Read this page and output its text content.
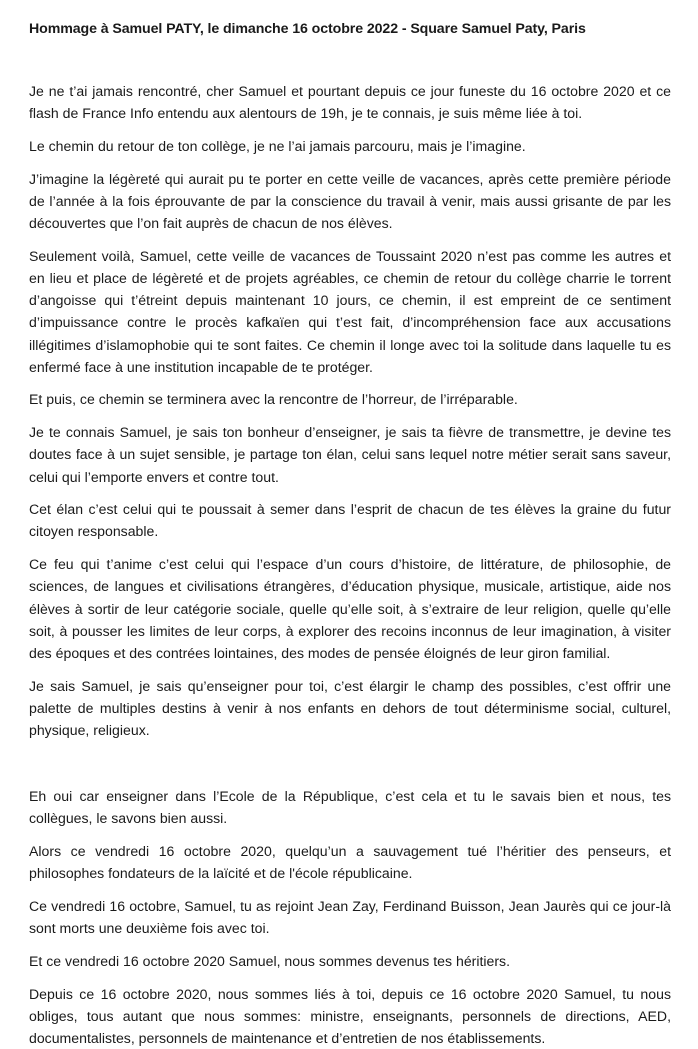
Hommage à Samuel PATY, le dimanche 16 octobre 2022 - Square Samuel Paty, Paris

Je ne t’ai jamais rencontré, cher Samuel et pourtant depuis ce jour funeste du 16 octobre 2020 et ce flash de France Info entendu aux alentours de 19h, je te connais, je suis même liée à toi.

Le chemin du retour de ton collège, je ne l’ai jamais parcouru, mais je l’imagine.

J’imagine la légèreté qui aurait pu te porter en cette veille de vacances, après cette première période de l’année à la fois éprouvante de par la conscience du travail à venir, mais aussi grisante de par les découvertes que l’on fait auprès de chacun de nos élèves.

Seulement voilà, Samuel, cette veille de vacances de Toussaint 2020 n’est pas comme les autres et en lieu et place de légèreté et de projets agréables, ce chemin de retour du collège charrie le torrent d’angoisse qui t’étreint depuis maintenant 10 jours, ce chemin, il est empreint de ce sentiment d’impuissance contre le procès kafkaïen qui t’est fait, d’incompréhension face aux accusations illégitimes d’islamophobie qui te sont faites. Ce chemin il longe avec toi la solitude dans laquelle tu es enfermé face à une institution incapable de te protéger.

Et puis, ce chemin se terminera avec la rencontre de l’horreur, de l’irréparable.

Je te connais Samuel, je sais ton bonheur d’enseigner, je sais ta fièvre de transmettre, je devine tes doutes face à un sujet sensible, je partage ton élan, celui sans lequel notre métier serait sans saveur, celui qui l’emporte envers et contre tout.

Cet élan c’est celui qui te poussait à semer dans l’esprit de chacun de tes élèves la graine du futur citoyen responsable.

Ce feu qui t’anime c’est celui qui l’espace d’un cours d’histoire, de littérature, de philosophie, de sciences, de langues et civilisations étrangères, d’éducation physique, musicale, artistique, aide nos élèves à sortir de leur catégorie sociale, quelle qu’elle soit, à s’extraire de leur religion, quelle qu’elle soit, à pousser les limites de leur corps, à explorer des recoins inconnus de leur imagination, à visiter des époques et des contrées lointaines, des modes de pensée éloignés de leur giron familial.

Je sais Samuel, je sais qu’enseigner pour toi, c’est élargir le champ des possibles, c’est offrir une palette de multiples destins à venir à nos enfants en dehors de tout déterminisme social, culturel, physique, religieux.

Eh oui car enseigner dans l’Ecole de la République, c’est cela et tu le savais bien et nous, tes collègues, le savons bien aussi.

Alors ce vendredi 16 octobre 2020, quelqu’un a sauvagement tué l’héritier des penseurs, et philosophes fondateurs de la laïcité et de l'école républicaine.

Ce vendredi 16 octobre, Samuel, tu as rejoint Jean Zay, Ferdinand Buisson, Jean Jaurès qui ce jour-là sont morts une deuxième fois avec toi.

Et ce vendredi 16 octobre 2020 Samuel, nous sommes devenus tes héritiers.

Depuis ce 16 octobre 2020, nous sommes liés à toi, depuis ce 16 octobre 2020 Samuel, tu nous obliges, tous autant que nous sommes: ministre, enseignants, personnels de directions, AED, documentalistes, personnels de maintenance et d’entretien de nos établissements.
